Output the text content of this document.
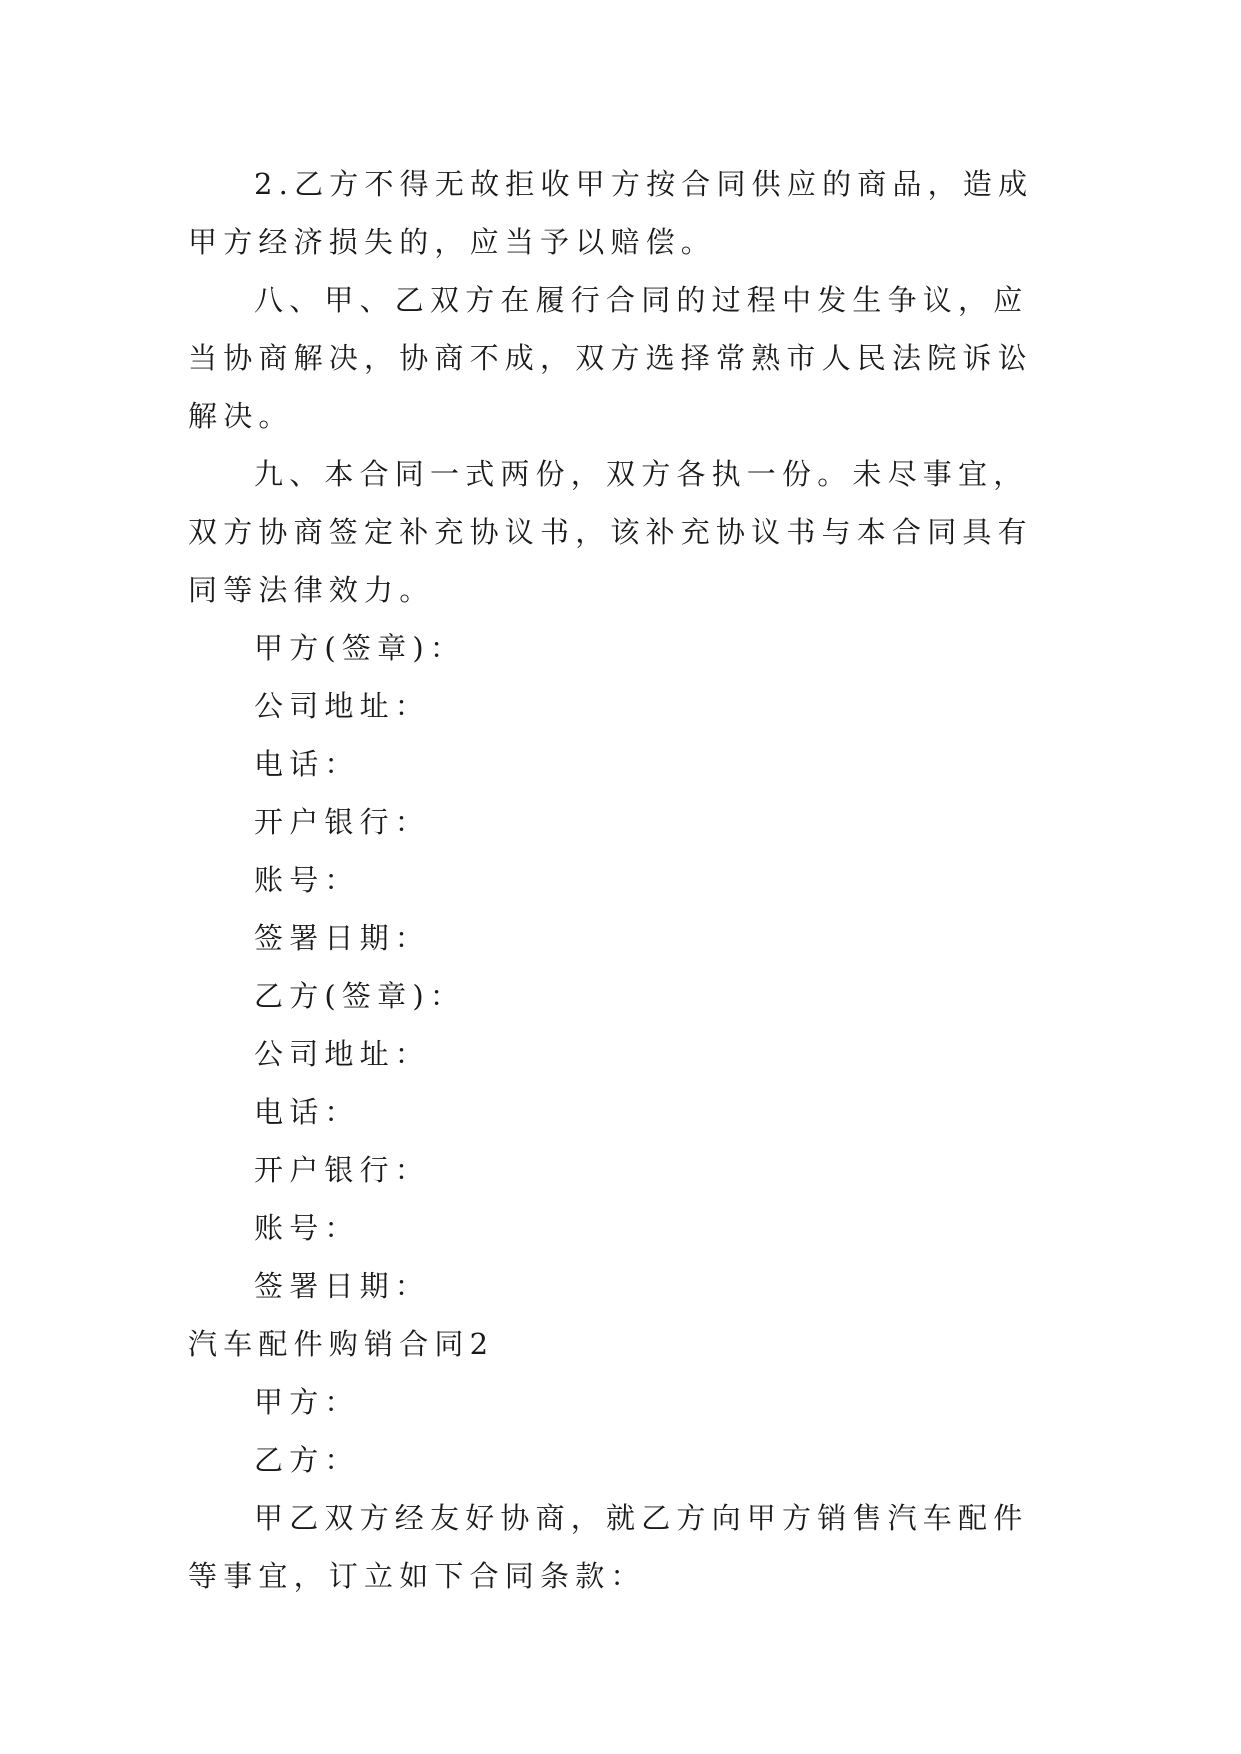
2.乙方不得无故拒收甲方按合同供应的商品，造成甲方经济损失的，应当予以赔偿。

八、甲、乙双方在履行合同的过程中发生争议，应当协商解决，协商不成，双方选择常熟市人民法院诉讼解决。

九、本合同一式两份，双方各执一份。未尽事宜，双方协商签定补充协议书，该补充协议书与本合同具有同等法律效力。

甲方(签章)：

公司地址：

电话：

开户银行：

账号：

签署日期：

乙方(签章)：

公司地址：

电话：

开户银行：

账号：

签署日期：

汽车配件购销合同2

甲方：

乙方：

甲乙双方经友好协商，就乙方向甲方销售汽车配件等事宜，订立如下合同条款：
